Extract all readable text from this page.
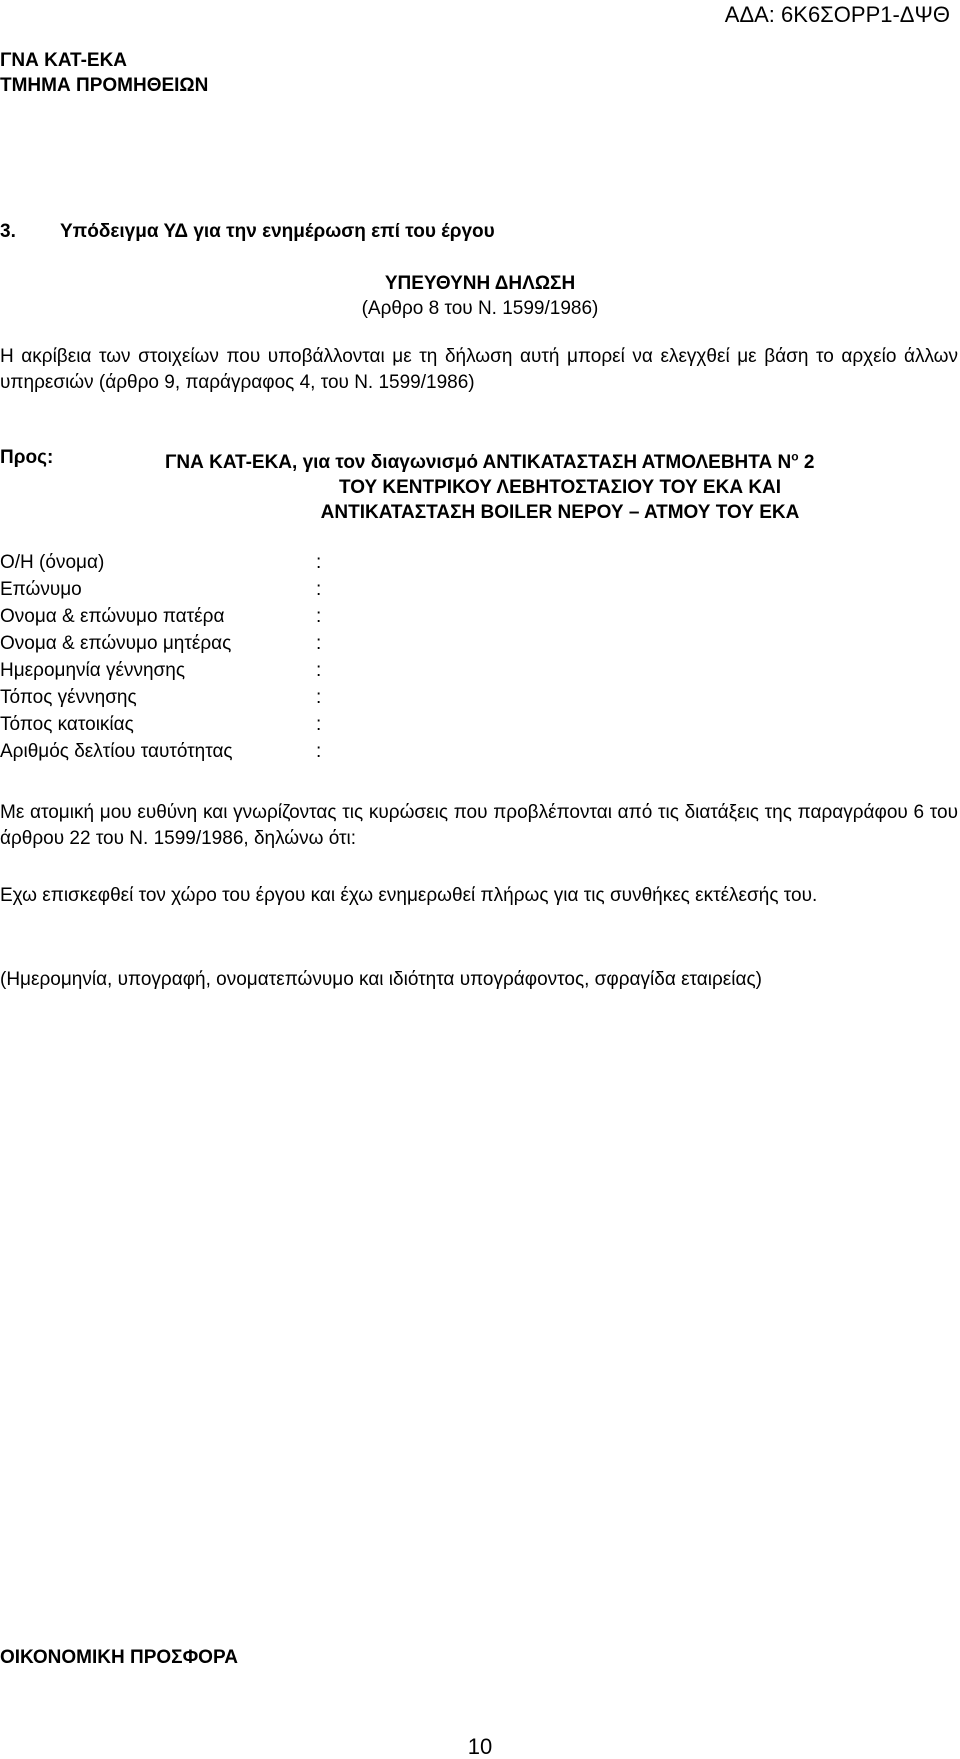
ΑΔΑ: 6Κ6ΣΟΡΡ1-ΔΨΘ
ΓΝΑ ΚΑΤ-ΕΚΑ
ΤΜΗΜΑ ΠΡΟΜΗΘΕΙΩΝ
3. Υπόδειγμα ΥΔ για την ενημέρωση επί του έργου
ΥΠΕΥΘΥΝΗ ΔΗΛΩΣΗ
(Αρθρο 8 του Ν. 1599/1986)
Η ακρίβεια των στοιχείων που υποβάλλονται με τη δήλωση αυτή μπορεί να ελεγχθεί με βάση το αρχείο άλλων υπηρεσιών (άρθρο 9, παράγραφος 4, του Ν. 1599/1986)
Προς:	ΓΝΑ ΚΑΤ-ΕΚΑ, για τον διαγωνισμό ΑΝΤΙΚΑΤΑΣΤΑΣΗ ΑΤΜΟΛΕΒΗΤΑ $N^o$ 2
ΤΟΥ ΚΕΝΤΡΙΚΟΥ ΛΕΒΗΤΟΣΤΑΣΙΟΥ ΤΟΥ ΕΚΑ ΚΑΙ
ΑΝΤΙΚΑΤΑΣΤΑΣΗ BOILER ΝΕΡΟΥ – ΑΤΜΟΥ ΤΟΥ ΕΚΑ
Ο/Η (όνομα)	:
Επώνυμο	:
Ονομα & επώνυμο πατέρα	:
Ονομα & επώνυμο μητέρας	:
Ημερομηνία γέννησης	:
Τόπος γέννησης	:
Τόπος κατοικίας	:
Αριθμός δελτίου ταυτότητας	:
Με ατομική μου ευθύνη και γνωρίζοντας τις κυρώσεις που προβλέπονται από τις διατάξεις της παραγράφου 6 του άρθρου 22 του Ν. 1599/1986, δηλώνω ότι:
Εχω επισκεφθεί τον χώρο του έργου και έχω ενημερωθεί πλήρως για τις συνθήκες εκτέλεσής του.
(Ημερομηνία, υπογραφή, ονοματεπώνυμο και ιδιότητα υπογράφοντος, σφραγίδα εταιρείας)
ΟΙΚΟΝΟΜΙΚΗ ΠΡΟΣΦΟΡΑ
10
